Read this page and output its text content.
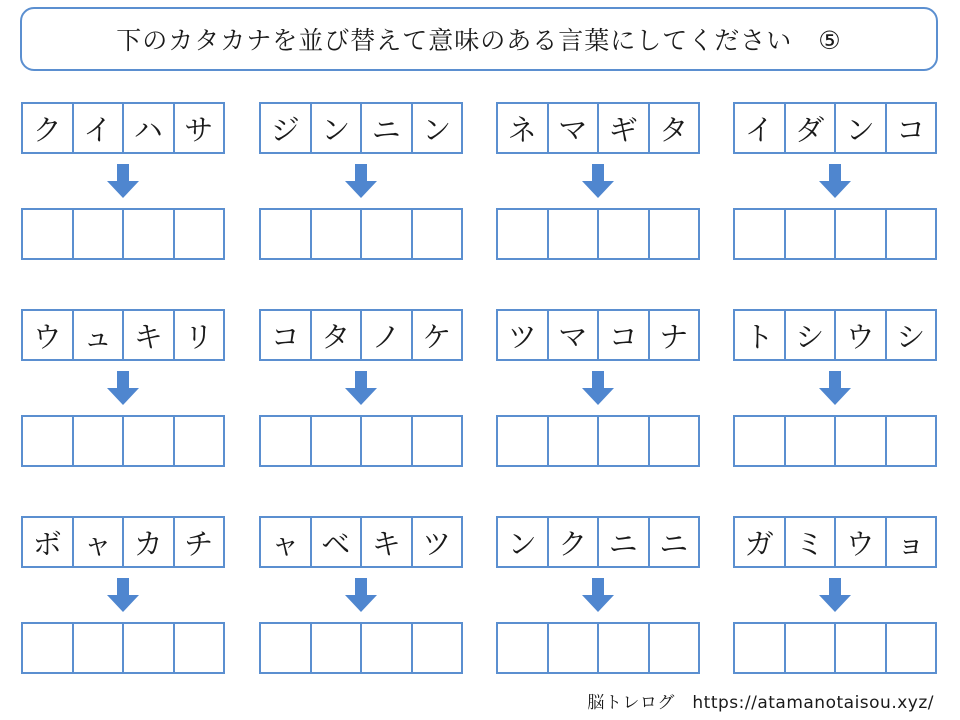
下のカタカナを並び替えて意味のある言葉にしてください　⑤
ク イ ハ サ	ジ ン ニ ン	ネ マ ギ タ	イ ダ ン コ
ウ ュ キ リ	コ タ ノ ケ	ツ マ コ ナ	ト シ ウ シ
ボ ャ カ チ	ャ ベ キ ツ	ン ク ニ ニ	ガ ミ ウ ョ
脳トレログ　https://atamanotaisou.xyz/
